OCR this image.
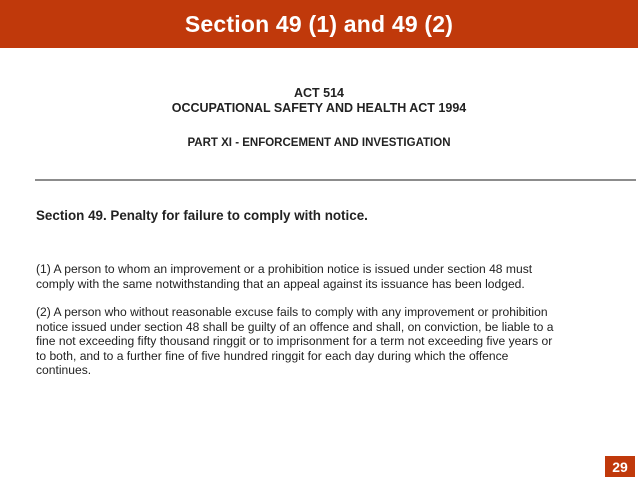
Section 49 (1) and 49 (2)
ACT 514
OCCUPATIONAL SAFETY AND HEALTH ACT 1994
PART XI - ENFORCEMENT AND INVESTIGATION
Section 49. Penalty for failure to comply with notice.
(1) A person to whom an improvement or a prohibition notice is issued under section 48 must
comply with the same notwithstanding that an appeal against its issuance has been lodged.
(2) A person who without reasonable excuse fails to comply with any improvement or prohibition
notice issued under section 48 shall be guilty of an offence and shall, on conviction, be liable to a
fine not exceeding fifty thousand ringgit or to imprisonment for a term not exceeding five years or
to both, and to a further fine of five hundred ringgit for each day during which the offence
continues.
29
